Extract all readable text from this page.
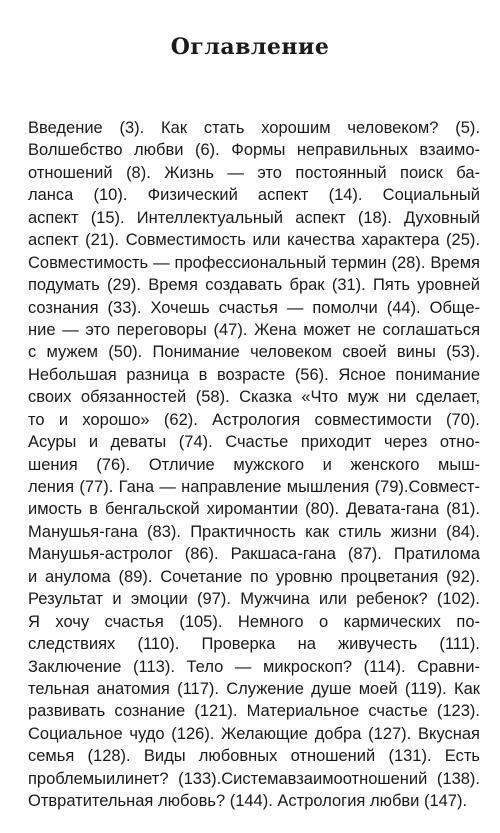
Оглавление
Введение (3). Как стать хорошим человеком? (5).
Волшебство любви (6). Формы неправильных взаимо-
отношений (8). Жизнь — это постоянный поиск ба-
ланса (10). Физический аспект (14). Социальный
аспект (15). Интеллектуальный аспект (18). Духовный
аспект (21). Совместимость или качества характера (25).
Совместимость — профессиональный термин (28). Время
подумать (29). Время создавать брак (31). Пять уровней
сознания (33). Хочешь счастья — помолчи (44). Обще-
ние — это переговоры (47). Жена может не соглашаться
с мужем (50). Понимание человеком своей вины (53).
Небольшая разница в возрасте (56). Ясное понимание
своих обязанностей (58). Сказка «Что муж ни сделает,
то и хорошо» (62). Астрология совместимости (70).
Асуры и деваты (74). Счастье приходит через отно-
шения (76). Отличие мужского и женского мыш-
ления (77). Гана — направление мышления (79).Совмест-
имость в бенгальской хиромантии (80). Девата-гана (81).
Манушья-гана (83). Практичность как стиль жизни (84).
Манушья-астролог (86). Ракшаса-гана (87). Пратилома
и анулома (89). Сочетание по уровню процветания (92).
Результат и эмоции (97). Мужчина или ребенок? (102).
Я хочу счастья (105). Немного о кармических по-
следствиях (110). Проверка на живучесть (111).
Заключение (113). Тело — микроскоп? (114). Сравни-
тельная анатомия (117). Служение душе моей (119). Как
развивать сознание (121). Материальное счастье (123).
Социальное чудо (126). Желающие добра (127). Вкусная
семья (128). Виды любовных отношений (131). Есть
проблемыилинет? (133).Системавзаимоотношений (138).
Отвратительная любовь? (144). Астрология любви (147).
